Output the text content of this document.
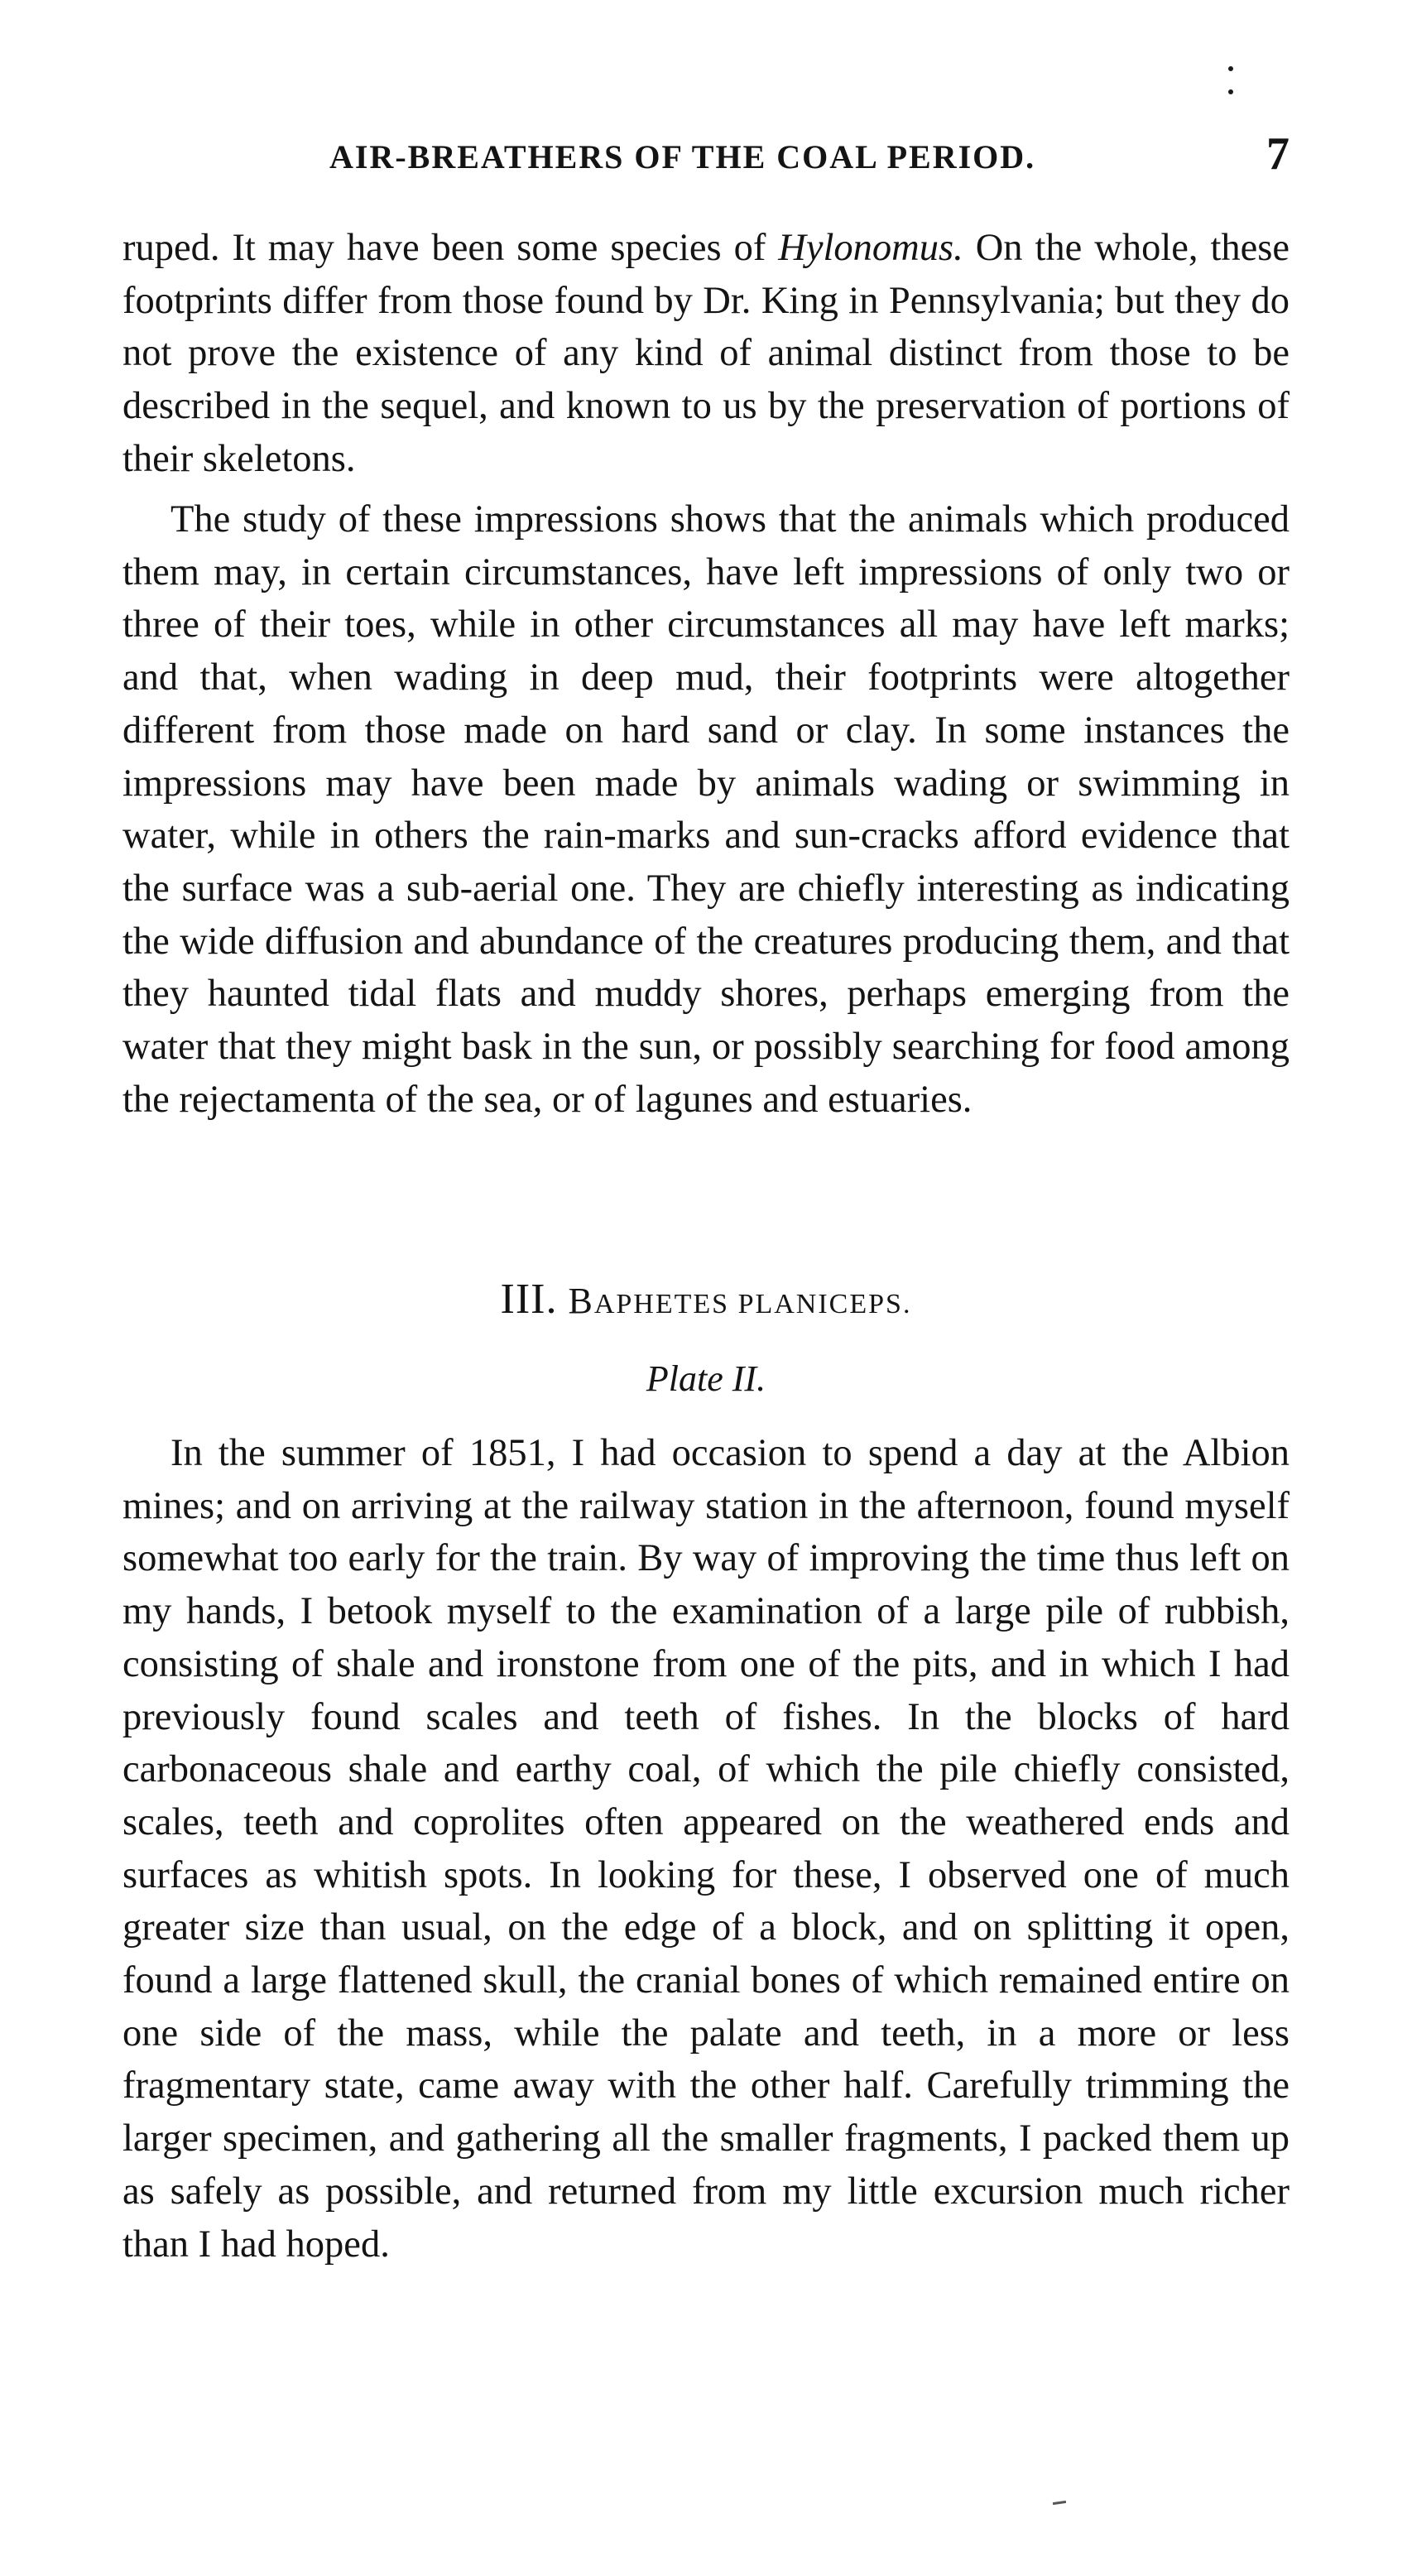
AIR-BREATHERS OF THE COAL PERIOD.	7

ruped. It may have been some species of Hylonomus. On the whole, these footprints differ from those found by Dr. King in Pennsylvania; but they do not prove the existence of any kind of animal distinct from those to be described in the sequel, and known to us by the preservation of portions of their skeletons.

The study of these impressions shows that the animals which produced them may, in certain circumstances, have left impressions of only two or three of their toes, while in other circumstances all may have left marks; and that, when wading in deep mud, their footprints were altogether different from those made on hard sand or clay. In some instances the impressions may have been made by animals wading or swimming in water, while in others the rain-marks and sun-cracks afford evidence that the surface was a sub-aerial one. They are chiefly interesting as indicating the wide diffusion and abundance of the creatures producing them, and that they haunted tidal flats and muddy shores, perhaps emerging from the water that they might bask in the sun, or possibly searching for food among the rejectamenta of the sea, or of lagunes and estuaries.

III. BAPHETES PLANICEPS.
Plate II.

In the summer of 1851, I had occasion to spend a day at the Albion mines; and on arriving at the railway station in the afternoon, found myself somewhat too early for the train. By way of improving the time thus left on my hands, I betook myself to the examination of a large pile of rubbish, consisting of shale and ironstone from one of the pits, and in which I had previously found scales and teeth of fishes. In the blocks of hard carbonaceous shale and earthy coal, of which the pile chiefly consisted, scales, teeth and coprolites often appeared on the weathered ends and surfaces as whitish spots. In looking for these, I observed one of much greater size than usual, on the edge of a block, and on splitting it open, found a large flattened skull, the cranial bones of which remained entire on one side of the mass, while the palate and teeth, in a more or less fragmentary state, came away with the other half. Carefully trimming the larger specimen, and gathering all the smaller fragments, I packed them up as safely as possible, and returned from my little excursion much richer than I had hoped.
